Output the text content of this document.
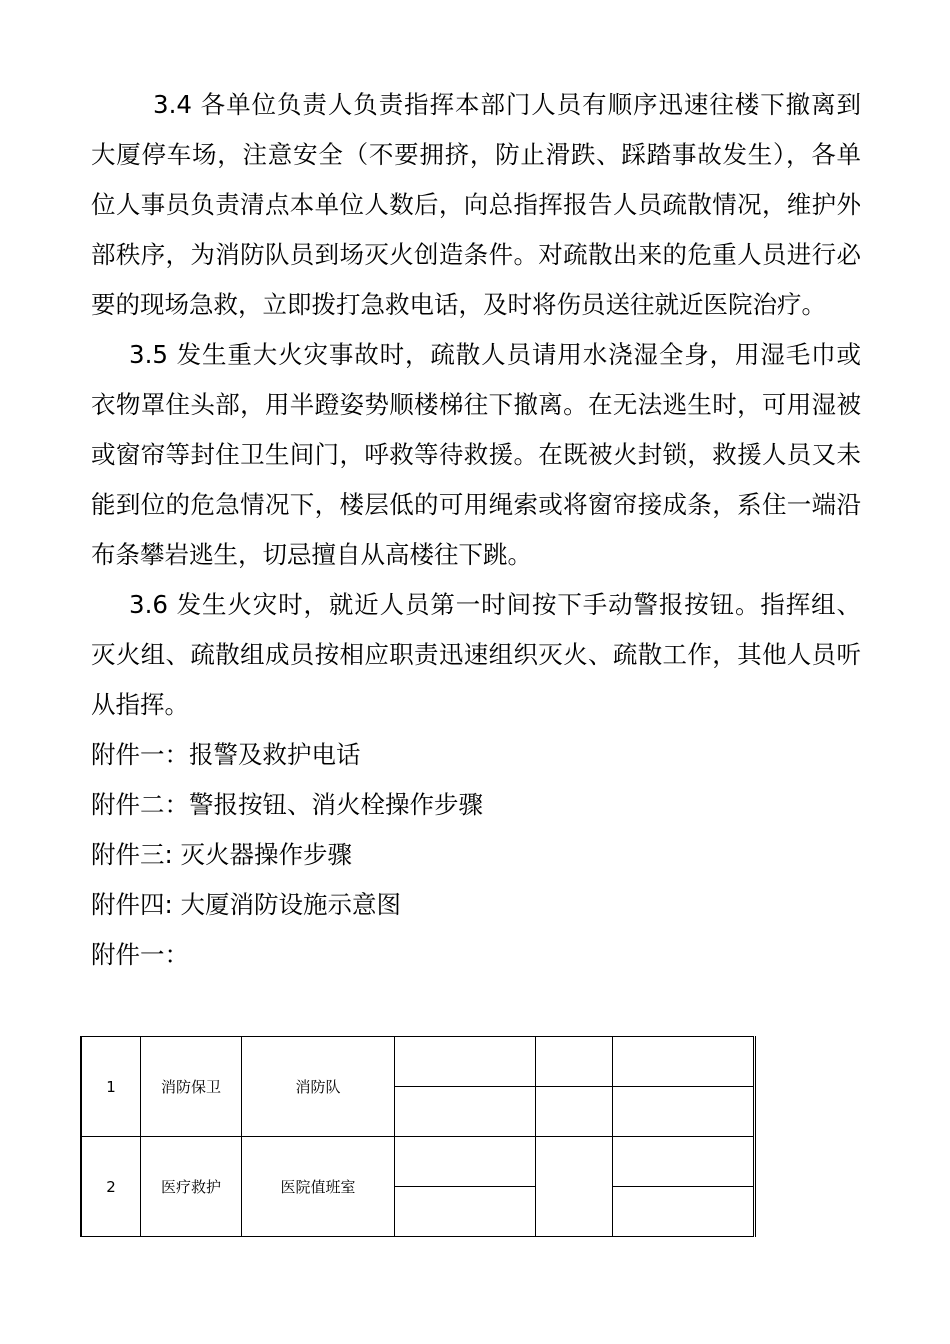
3.4 各单位负责人负责指挥本部门人员有顺序迅速往楼下撤离到大厦停车场，注意安全（不要拥挤，防止滑跌、踩踏事故发生），各单位人事员负责清点本单位人数后，向总指挥报告人员疏散情况，维护外部秩序，为消防队员到场灭火创造条件。对疏散出来的危重人员进行必要的现场急救，立即拨打急救电话，及时将伤员送往就近医院治疗。

3.5 发生重大火灾事故时，疏散人员请用水浇湿全身，用湿毛巾或衣物罩住头部，用半蹬姿势顺楼梯往下撤离。在无法逃生时，可用湿被或窗帘等封住卫生间门，呼救等待救援。在既被火封锁，救援人员又未能到位的危急情况下，楼层低的可用绳索或将窗帘接成条，系住一端沿布条攀岩逃生，切忌擅自从高楼往下跳。

3.6 发生火灾时，就近人员第一时间按下手动警报按钮。指挥组、灭火组、疏散组成员按相应职责迅速组织灭火、疏散工作，其他人员听从指挥。

附件一：报警及救护电话

附件二：警报按钮、消火栓操作步骤

附件三: 灭火器操作步骤

附件四: 大厦消防设施示意图

附件一：

1	消防保卫	消防队			

2	医疗救护	医院值班室			
